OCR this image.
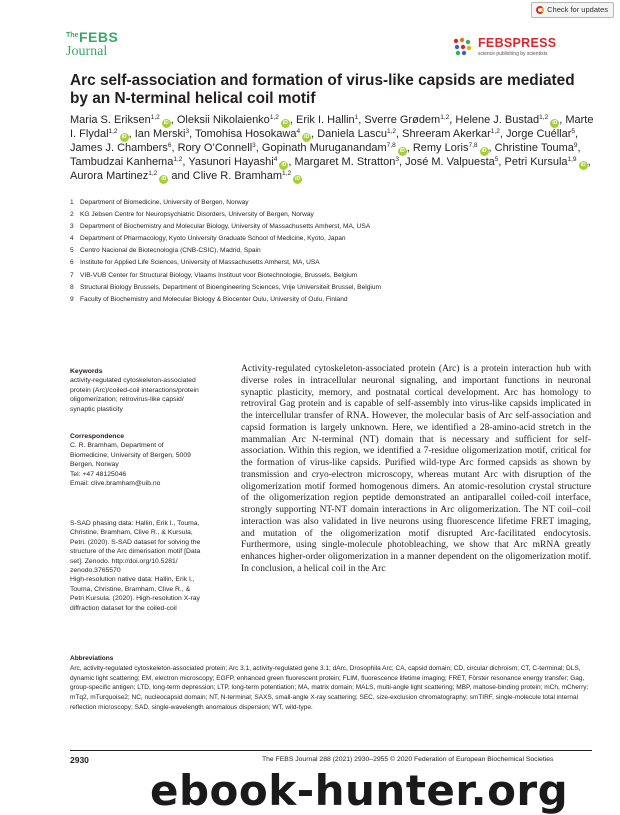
Check for updates
The FEBS
Journal
FEBSPRESS
science publishing by scientists
Arc self-association and formation of virus-like capsids are mediated by an N-terminal helical coil motif
Maria S. Eriksen$^{1,2}$iD , Oleksii Nikolaienko$^{1,2}$iD , Erik I. Hallin$^1$, Sverre Grødem$^{1,2}$, Helene J. Bustad$^{1,2}$iD , Marte I. Flydal$^{1,2}$iD , Ian Merski$^3$, Tomohisa Hosokawa$^4$iD , Daniela Lascu$^{1,2}$, Shreeram Akerkar$^{1,2}$, Jorge Cuéllar$^5$, James J. Chambers$^6$, Rory O’Connell$^3$, Gopinath Muruganandam$^{7,8}$iD , Remy Loris$^{7,8}$iD , Christine Touma$^9$, Tambudzai Kanhema$^{1,2}$, Yasunori Hayashi$^4$iD , Margaret M. Stratton$^3$, José M. Valpuesta$^5$, Petri Kursula$^{1,9}$iD , Aurora Martinez$^{1,2}$iD and Clive R. Bramham$^{1,2}$iD
1 Department of Biomedicine, University of Bergen, Norway
2 KG Jebsen Centre for Neuropsychiatric Disorders, University of Bergen, Norway
3 Department of Biochemistry and Molecular Biology, University of Massachusetts Amherst, MA, USA
4 Department of Pharmacology, Kyoto University Graduate School of Medicine, Kyoto, Japan
5 Centro Nacional de Biotecnología (CNB-CSIC), Madrid, Spain
6 Institute for Applied Life Sciences, University of Massachusetts Amherst, MA, USA
7 VIB-VUB Center for Structural Biology, Vlaams Instituut voor Biotechnologie, Brussels, Belgium
8 Structural Biology Brussels, Department of Bioengineering Sciences, Vrije Universiteit Brussel, Belgium
9 Faculty of Biochemistry and Molecular Biology & Biocenter Oulu, University of Oulu, Finland
Keywords
activity-regulated cytoskeleton-associated
protein (Arc)/coiled-coil interactions/protein
oligomerization; retrovirus-like capsid/
synaptic plasticity
Correspondence
C. R. Bramham, Department of
Biomedicine, University of Bergen, 5009
Bergen, Norway
Tel: +47 48125046
Email: clive.bramham@uib.no
S-SAD phasing data: Hallin, Erik I., Touma,
Christine, Bramham, Clive R., & Kursula,
Petri. (2020). S-SAD dataset for solving the
structure of the Arc dimerisation motif [Data
set]. Zenodo. http://doi.org/10.5281/
zenodo.3765570
High-resolution native data: Hallin, Erik I.,
Touma, Christine, Bramham, Clive R., &
Petri Kursula. (2020). High-resolution X-ray
diffraction dataset for the coiled-coil
Activity-regulated cytoskeleton-associated protein (Arc) is a protein interaction hub with diverse roles in intracellular neuronal signaling, and important functions in neuronal synaptic plasticity, memory, and postnatal cortical development. Arc has homology to retroviral Gag protein and is capable of self-assembly into virus-like capsids implicated in the intercellular transfer of RNA. However, the molecular basis of Arc self-association and capsid formation is largely unknown. Here, we identified a 28-amino-acid stretch in the mammalian Arc N-terminal (NT) domain that is necessary and sufficient for self-association. Within this region, we identified a 7-residue oligomerization motif, critical for the formation of virus-like capsids. Purified wild-type Arc formed capsids as shown by transmission and cryo-electron microscopy, whereas mutant Arc with disruption of the oligomerization motif formed homogenous dimers. An atomic-resolution crystal structure of the oligomerization region peptide demonstrated an antiparallel coiled-coil interface, strongly supporting NT-NT domain interactions in Arc oligomerization. The NT coil–coil interaction was also validated in live neurons using fluorescence lifetime FRET imaging, and mutation of the oligomerization motif disrupted Arc-facilitated endocytosis. Furthermore, using single-molecule photobleaching, we show that Arc mRNA greatly enhances higher-order oligomerization in a manner dependent on the oligomerization motif. In conclusion, a helical coil in the Arc
Abbreviations
Arc, activity-regulated cytoskeleton-associated protein; Arc 3.1, activity-regulated gene 3.1; dArc, Drosophila Arc; CA, capsid domain; CD, circular dichroism; CT, C-terminal; DLS, dynamic light scattering; EM, electron microscopy; EGFP, enhanced green fluorescent protein; FLIM, fluorescence lifetime imaging; FRET, Förster resonance energy transfer; Gag, group-specific antigen; LTD, long-term depression; LTP, long-term potentiation; MA, matrix domain; MALS, multi-angle light scattering; MBP, maltose-binding protein; mCh, mCherry; mTq2, mTurquoise2; NC, nucleocapsid domain; NT, N-terminal; SAXS, small-angle X-ray scattering; SEC, size-exclusion chromatography; smTIRF, single-molecule total internal reflection microscopy; SAD, single-wavelength anomalous dispersion; WT, wild-type.
2930	The FEBS Journal 288 (2021) 2930–2955 © 2020 Federation of European Biochemical Societies
ebook-hunter.org
